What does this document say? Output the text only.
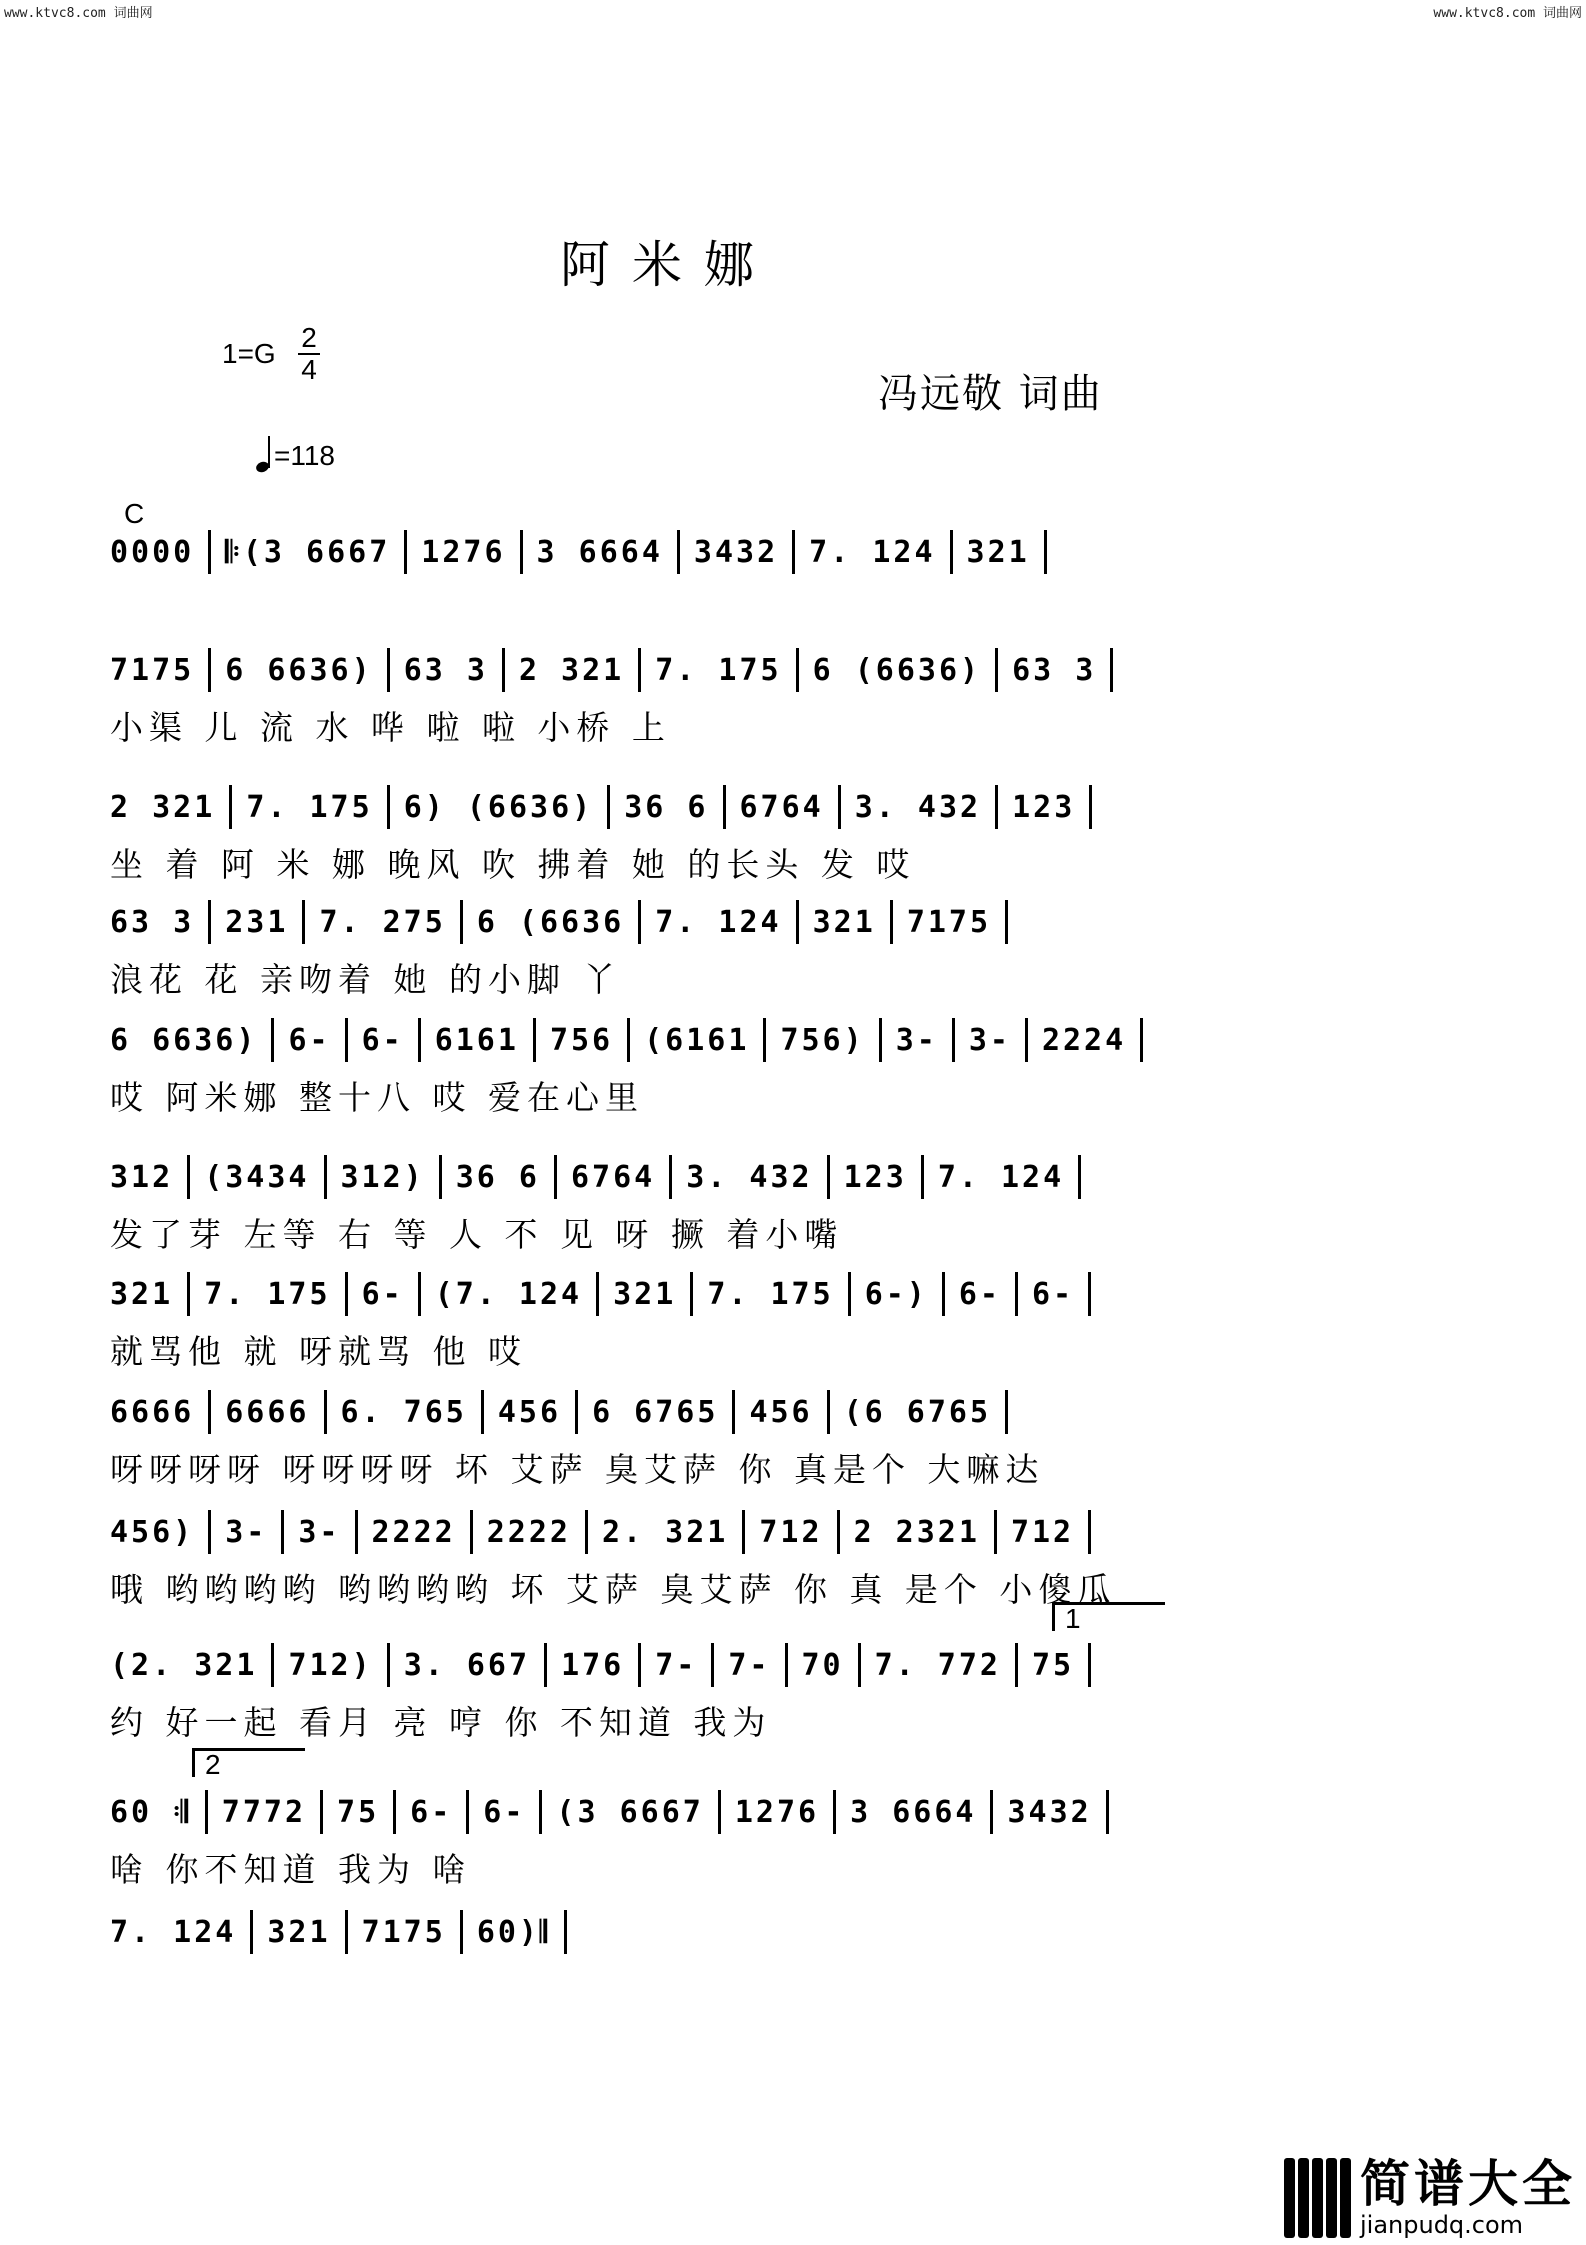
www.ktvc8.com 词曲网	www.ktvc8.com 词曲网
阿米娜
$1=G \frac{2}{4}$
冯远敬 词曲
=118
C
0000 𝄆(3 6667 1276 3 6664 3432 7. 124 321
7175 6 6636) 63 3 2 321 7. 175 6 (6636) 63 3
小渠 儿 流 水 哗 啦 啦 小桥 上
2 321 7. 175 6) (6636) 36 6 6764 3. 432 123
坐 着 阿 米 娜 晚风 吹 拂着 她 的长头 发 哎
63 3 231 7. 275 6 (6636 7. 124 321 7175
浪花 花 亲吻着 她 的小脚 丫
6 6636) 6- 6- 6161 756 (6161 756) 3- 3- 2224
哎 阿米娜 整十八 哎 爱在心里
312 (3434 312) 36 6 6764 3. 432 123 7. 124
发了芽 左等 右 等 人 不 见 呀 撅 着小嘴
321 7. 175 6- (7. 124 321 7. 175 6-) 6- 6-
就骂他 就 呀就骂 他 哎
6666 6666 6. 765 456 6 6765 456 (6 6765
呀呀呀呀 呀呀呀呀 坏 艾萨 臭艾萨 你 真是个 大嘛达
456) 3- 3- 2222 2222 2. 321 712 2 2321 712
哦 哟哟哟哟 哟哟哟哟 坏 艾萨 臭艾萨 你 真 是个 小傻瓜
(2. 321 712) 3. 667 176 7- 7- 70 7. 772 75
约 好一起 看月 亮 哼 你 不知道 我为
60 𝄇 7772 75 6- 6- (3 6667 1276 3 6664 3432
啥 你不知道 我为 啥
7. 124 321 7175 60)𝄂
1
2
简谱大全
jianpudq.com
